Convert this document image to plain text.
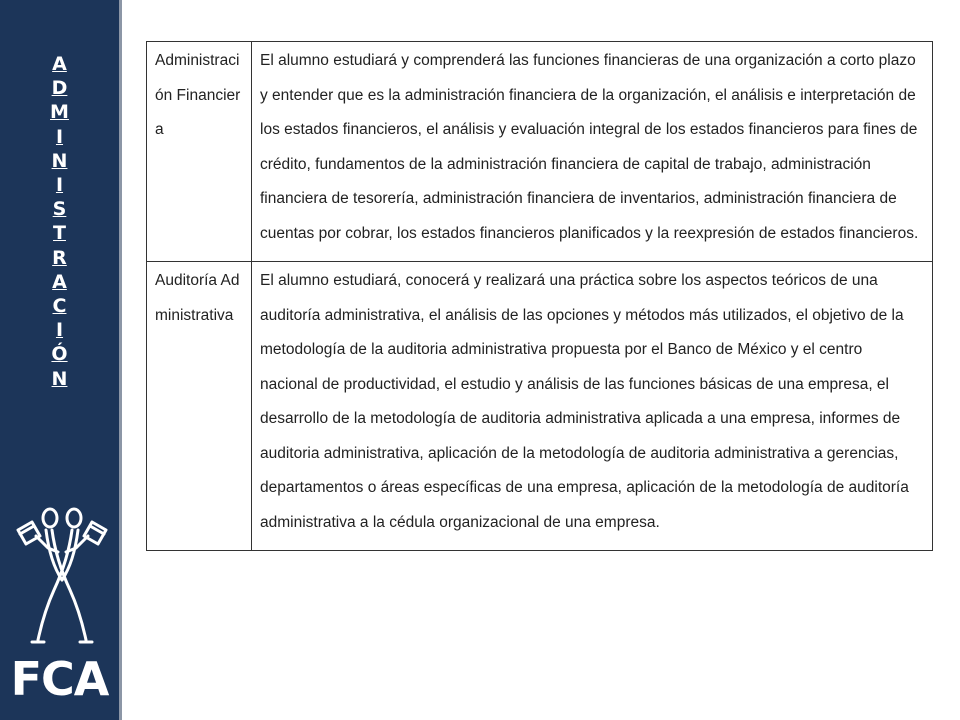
A
D
M
I
N
I
S
T
R
A
C
I
Ó
N
FCA
Administración Financiera	El alumno estudiará y comprenderá las funciones financieras de una organización a corto plazo y entender que es la administración financiera de la organización, el análisis e interpretación de los estados financieros, el análisis y evaluación integral de los estados financieros para fines de crédito, fundamentos de la administración financiera de capital de trabajo, administración financiera de tesorería, administración financiera de inventarios, administración financiera de cuentas por cobrar, los estados financieros planificados y la reexpresión de estados financieros.
Auditoría Administrativa	El alumno estudiará, conocerá y realizará una práctica sobre los aspectos teóricos de una auditoría administrativa, el análisis de las opciones y métodos más utilizados, el objetivo de la metodología de la auditoria administrativa propuesta por el Banco de México y el centro nacional de productividad, el estudio y análisis de las funciones básicas de una empresa, el desarrollo de la metodología de auditoria administrativa aplicada a una empresa, informes de auditoria administrativa, aplicación de la metodología de auditoria administrativa a gerencias, departamentos o áreas específicas de una empresa, aplicación de la metodología de auditoría administrativa a la cédula organizacional de una empresa.
